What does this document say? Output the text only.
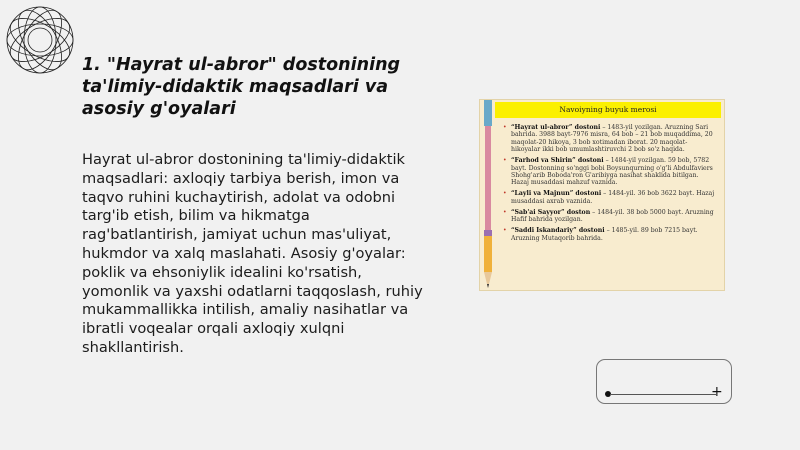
1. "Hayrat ul-abror" dostonining ta'limiy-didaktik maqsadlari va asosiy g'oyalari
Hayrat ul-abror dostonining ta'limiy-didaktik maqsadlari: axloqiy tarbiya berish, imon va taqvo ruhini kuchaytirish, adolat va odobni targ'ib etish, bilim va hikmatga rag'batlantirish, jamiyat uchun mas'uliyat, hukmdor va xalq maslahati. Asosiy g'oyalar: poklik va ehsoniylik idealini ko'rsatish, yomonlik va yaxshi odatlarni taqqoslash, ruhiy mukammallikka intilish, amaliy nasihatlar va ibratli voqealar orqali axloqiy xulqni shakllantirish.
Navoiyning buyuk merosi
• “Hayrat ul-abror” dostoni – 1483-yil yozilgan. Aruzning Sari bahrida. 3988 bayt-7976 misra, 64 bob – 21 bob muqaddima, 20 maqolat-20 hikoya, 3 bob xotimadan iborat. 20 maqolat-hikoyalar ikki bob umumlashtiruvchi 2 bob so'z haqida.
• “Farhod va Shirin” dostoni – 1484-yil yozilgan. 59 bob, 5782 bayt. Dostonning so'nggi bobi Boysunqurning o'g'li Abdulfaviers Shohg'arib Boboda'ron G'aribiyga nasihat shaklida bitilgan. Hazaj musaddasi mahzuf vaznida.
• “Layli va Majnun” dostoni – 1484-yil. 36 bob 3622 bayt. Hazaj musaddasi axrab vaznida.
• “Sab'ai Sayyor” doston – 1484-yil. 38 bob 5000 bayt. Aruzning Hafif bahrida yozilgan.
• “Saddi Iskandariy” dostoni – 1485-yil. 89 bob 7215 bayt. Aruzning Mutaqorib bahrida.
+
